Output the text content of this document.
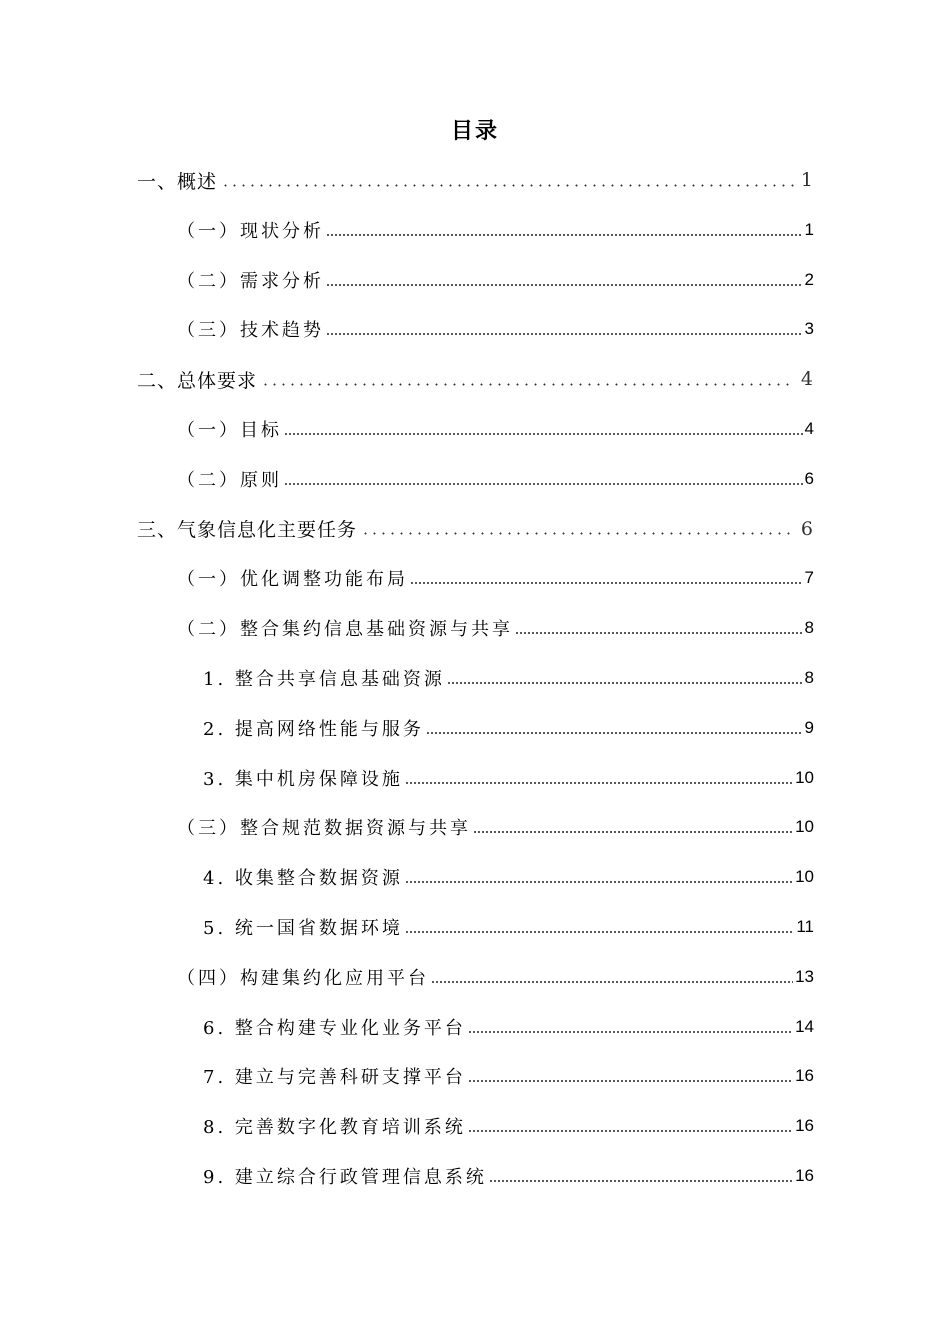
目录
一、概述	1
（一）现状分析	1
（二）需求分析	2
（三）技术趋势	3
二、总体要求	4
（一）目标	4
（二）原则	6
三、气象信息化主要任务	6
（一）优化调整功能布局	7
（二）整合集约信息基础资源与共享	8
1. 整合共享信息基础资源	8
2. 提高网络性能与服务	9
3. 集中机房保障设施	10
（三）整合规范数据资源与共享	10
4. 收集整合数据资源	10
5. 统一国省数据环境	11
（四）构建集约化应用平台	13
6. 整合构建专业化业务平台	14
7. 建立与完善科研支撑平台	16
8. 完善数字化教育培训系统	16
9. 建立综合行政管理信息系统	16
